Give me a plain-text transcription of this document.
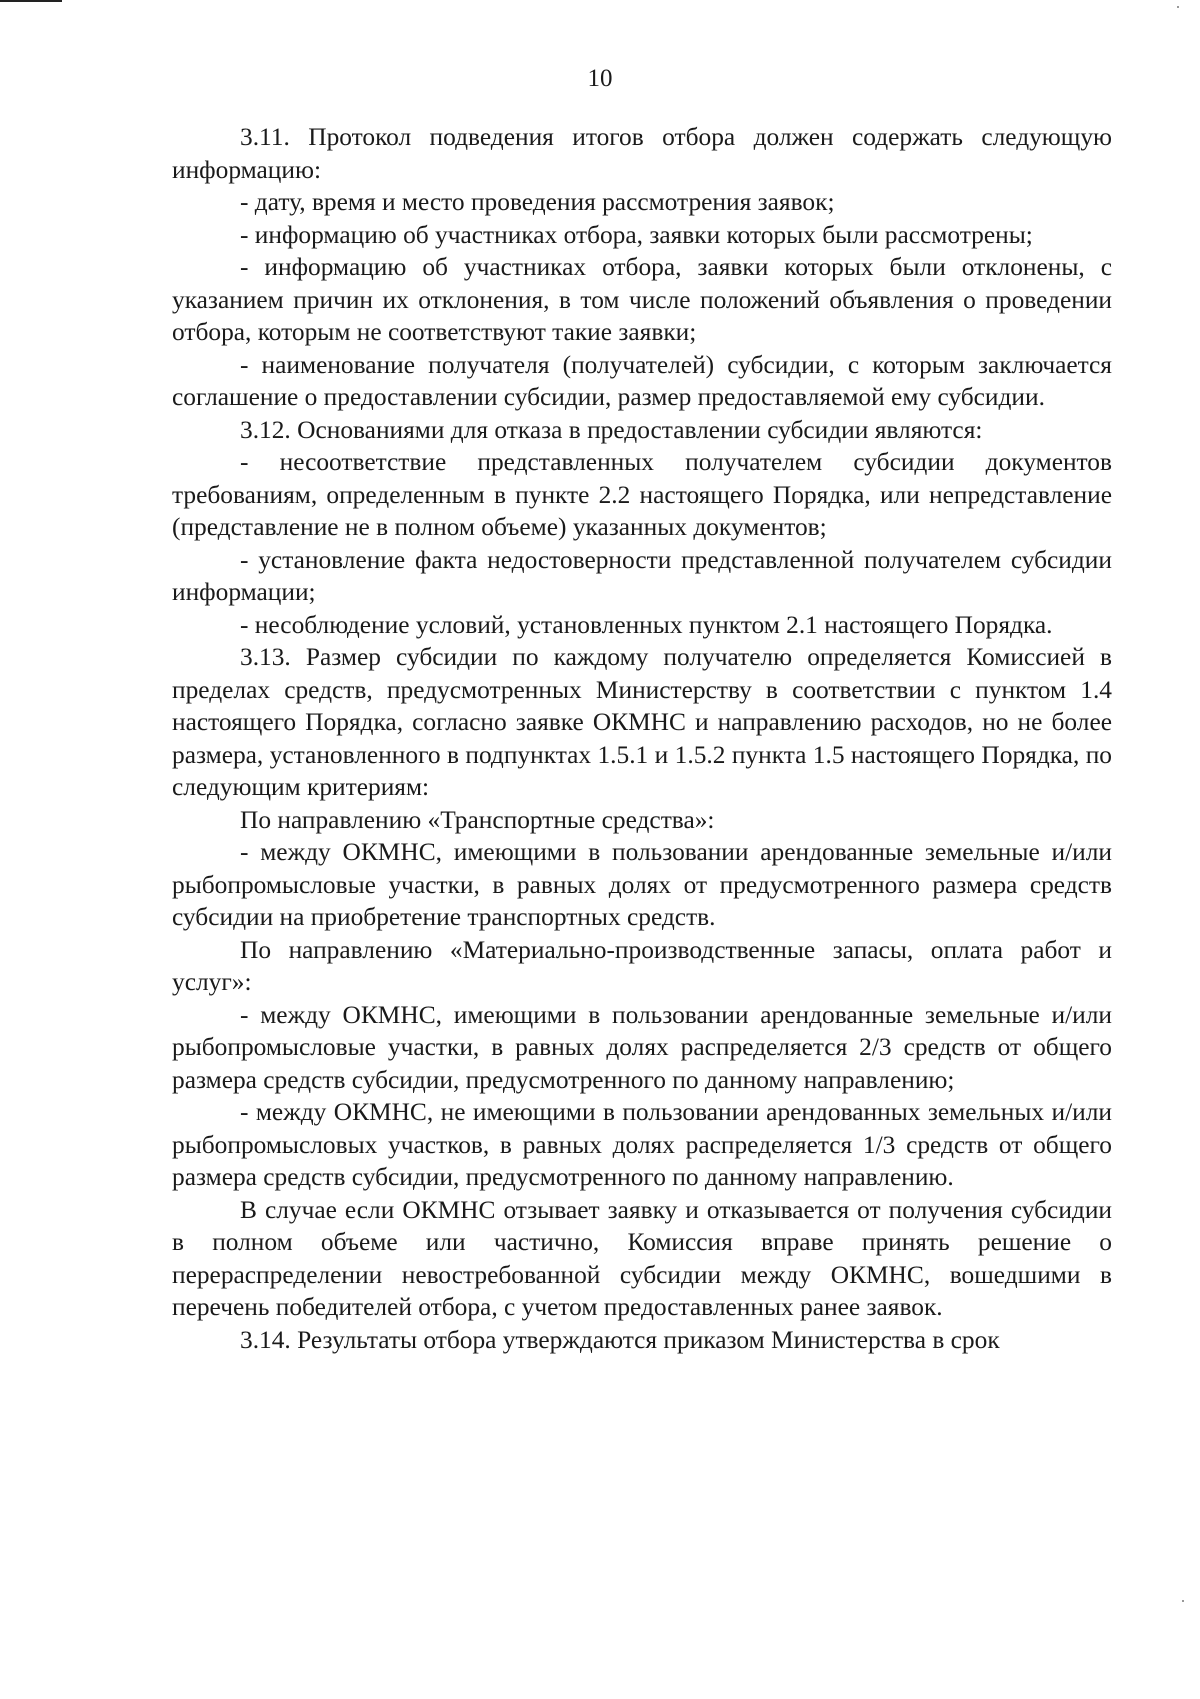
10

3.11. Протокол подведения итогов отбора должен содержать следующую информацию:

- дату, время и место проведения рассмотрения заявок;

- информацию об участниках отбора, заявки которых были рассмотрены;

- информацию об участниках отбора, заявки которых были отклонены, с указанием причин их отклонения, в том числе положений объявления о проведении отбора, которым не соответствуют такие заявки;

- наименование получателя (получателей) субсидии, с которым заключается соглашение о предоставлении субсидии, размер предоставляемой ему субсидии.

3.12. Основаниями для отказа в предоставлении субсидии являются:

- несоответствие представленных получателем субсидии документов требованиям, определенным в пункте 2.2 настоящего Порядка, или непредставление (представление не в полном объеме) указанных документов;

- установление факта недостоверности представленной получателем субсидии информации;

- несоблюдение условий, установленных пунктом 2.1 настоящего Порядка.

3.13. Размер субсидии по каждому получателю определяется Комиссией в пределах средств, предусмотренных Министерству в соответствии с пунктом 1.4 настоящего Порядка, согласно заявке ОКМНС и направлению расходов, но не более размера, установленного в подпунктах 1.5.1 и 1.5.2 пункта 1.5 настоящего Порядка, по следующим критериям:

По направлению «Транспортные средства»:

- между ОКМНС, имеющими в пользовании арендованные земельные и/или рыбопромысловые участки, в равных долях от предусмотренного размера средств субсидии на приобретение транспортных средств.

По направлению «Материально-производственные запасы, оплата работ и услуг»:

- между ОКМНС, имеющими в пользовании арендованные земельные и/или рыбопромысловые участки, в равных долях распределяется 2/3 средств от общего размера средств субсидии, предусмотренного по данному направлению;

- между ОКМНС, не имеющими в пользовании арендованных земельных и/или рыбопромысловых участков, в равных долях распределяется 1/3 средств от общего размера средств субсидии, предусмотренного по данному направлению.

В случае если ОКМНС отзывает заявку и отказывается от получения субсидии в полном объеме или частично, Комиссия вправе принять решение о перераспределении невостребованной субсидии между ОКМНС, вошедшими в перечень победителей отбора, с учетом предоставленных ранее заявок.

3.14. Результаты отбора утверждаются приказом Министерства в срок
